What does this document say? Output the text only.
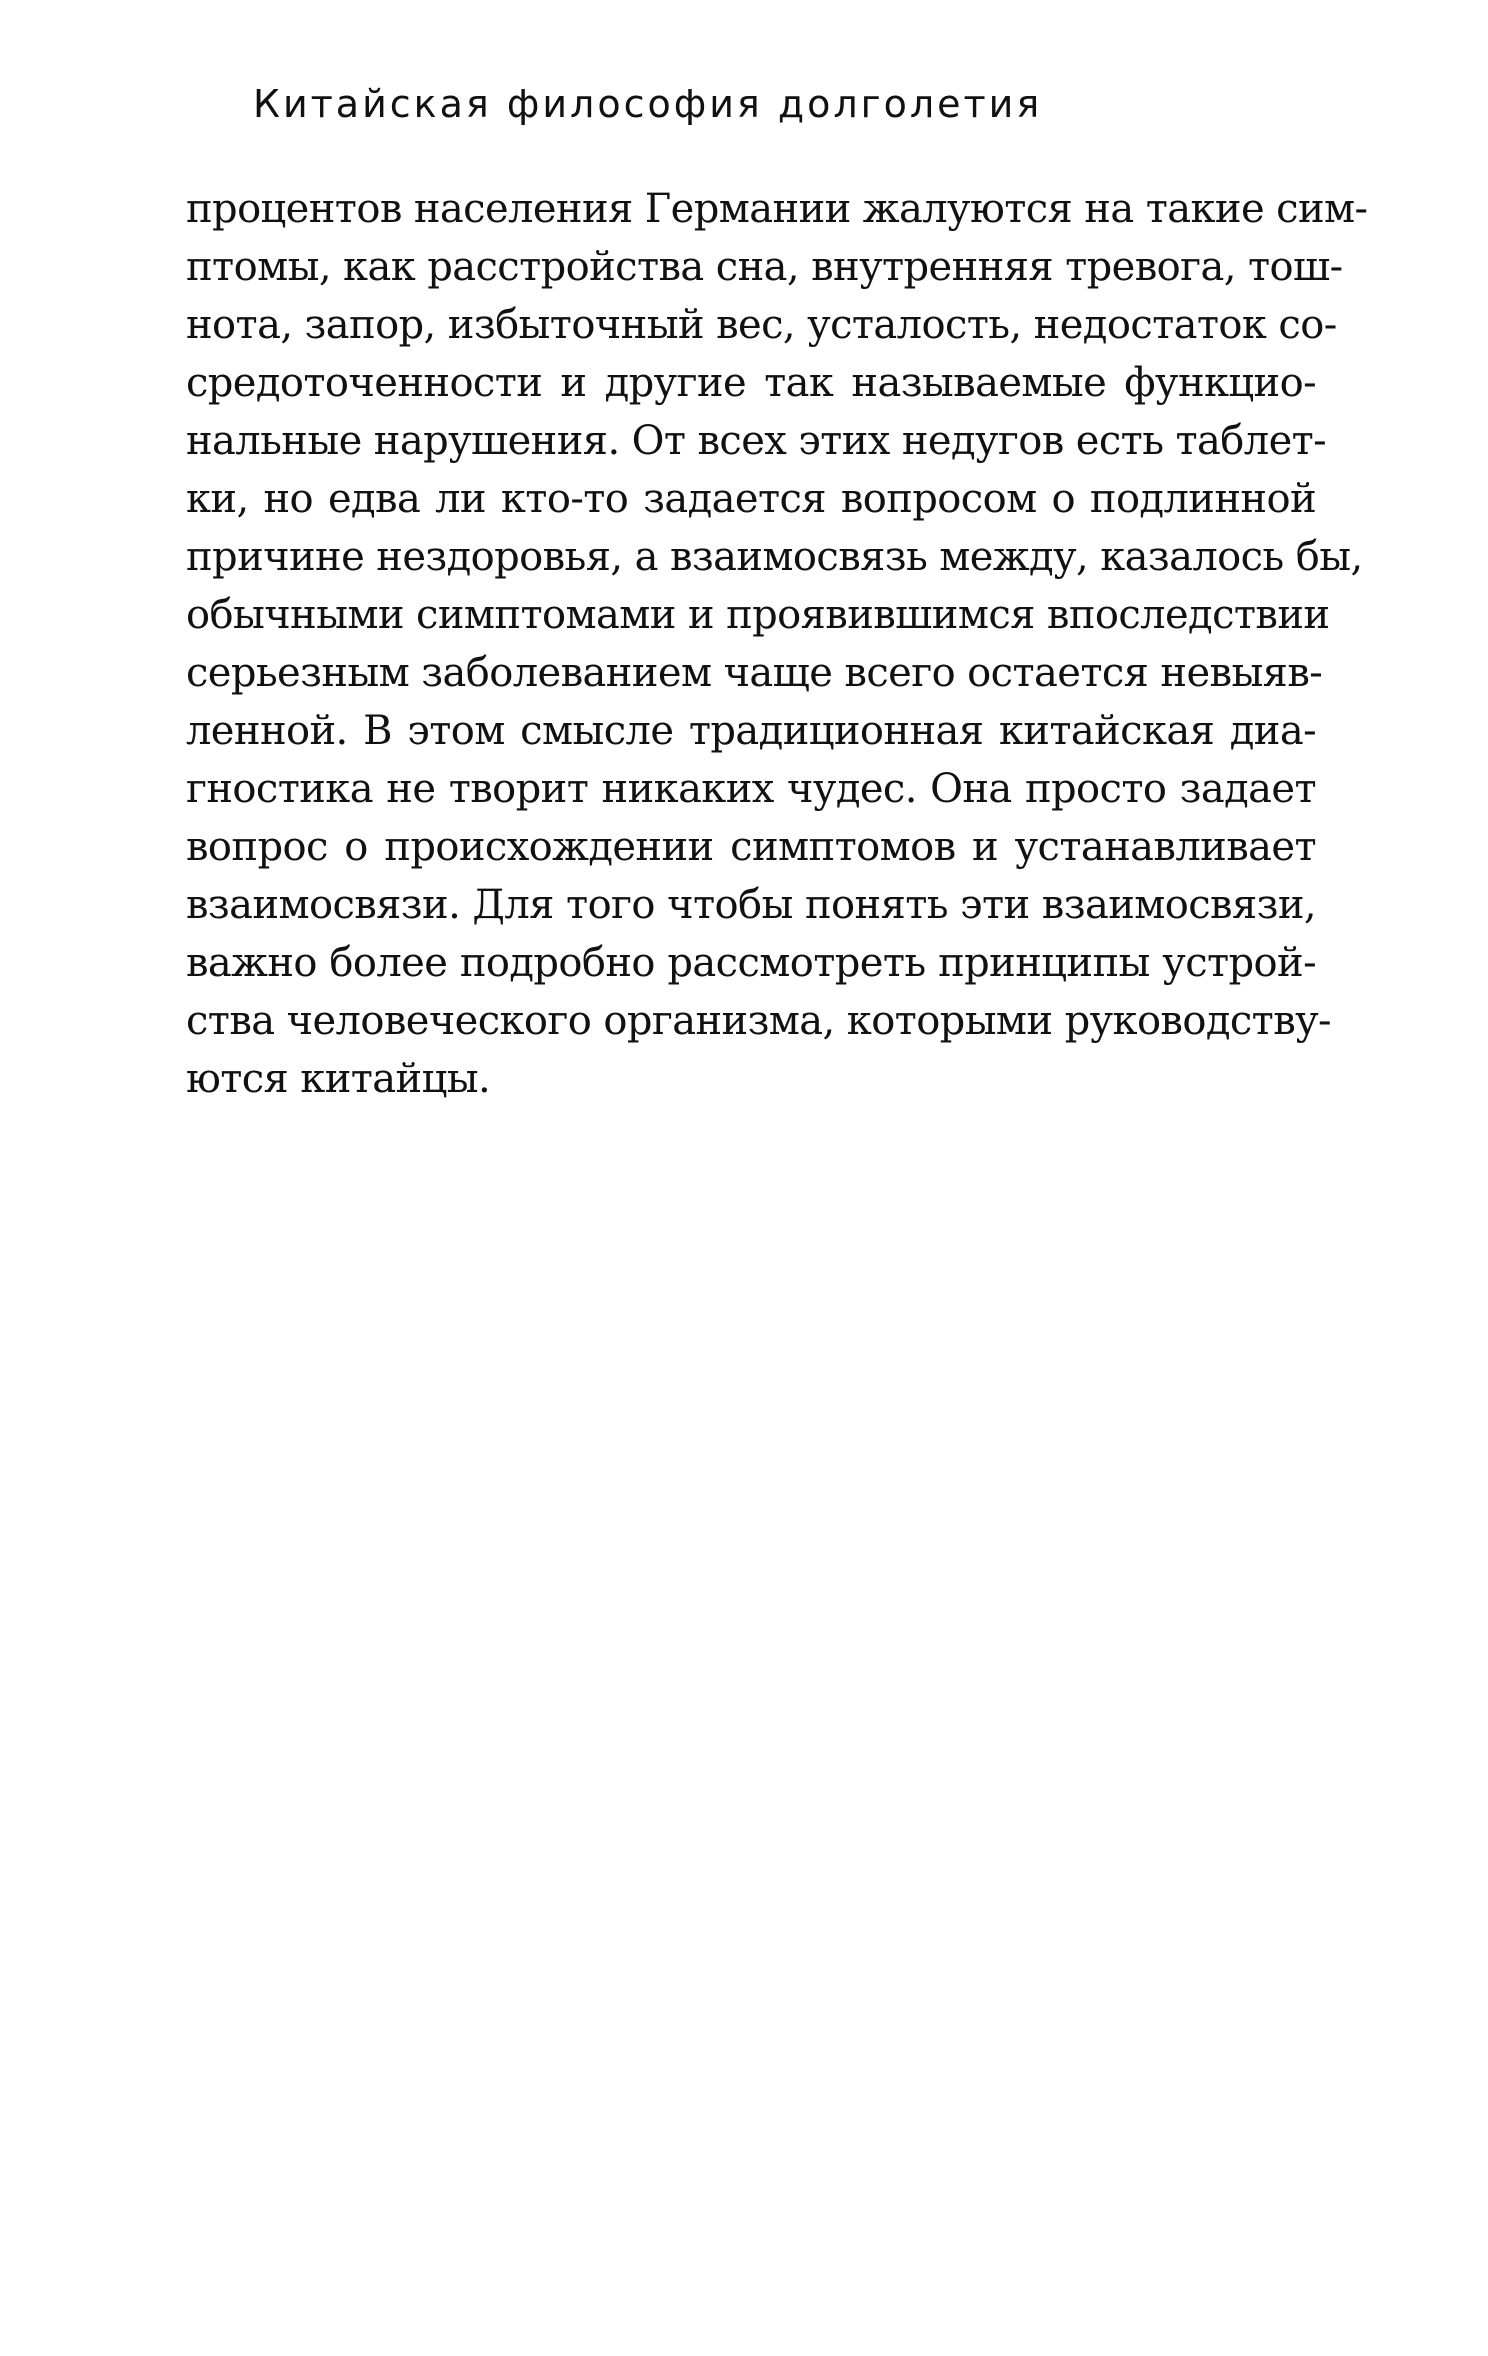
Китайская философия долголетия
процентов населения Германии жалуются на такие сим-
птомы, как расстройства сна, внутренняя тревога, тош-
нота, запор, избыточный вес, усталость, недостаток со-
средоточенности и другие так называемые функцио-
нальные нарушения. От всех этих недугов есть таблет-
ки, но едва ли кто-то задается вопросом о подлинной
причине нездоровья, а взаимосвязь между, казалось бы,
обычными симптомами и проявившимся впоследствии
серьезным заболеванием чаще всего остается невыяв-
ленной. В этом смысле традиционная китайская диа-
гностика не творит никаких чудес. Она просто задает
вопрос о происхождении симптомов и устанавливает
взаимосвязи. Для того чтобы понять эти взаимосвязи,
важно более подробно рассмотреть принципы устрой-
ства человеческого организма, которыми руководству-
ются китайцы.
